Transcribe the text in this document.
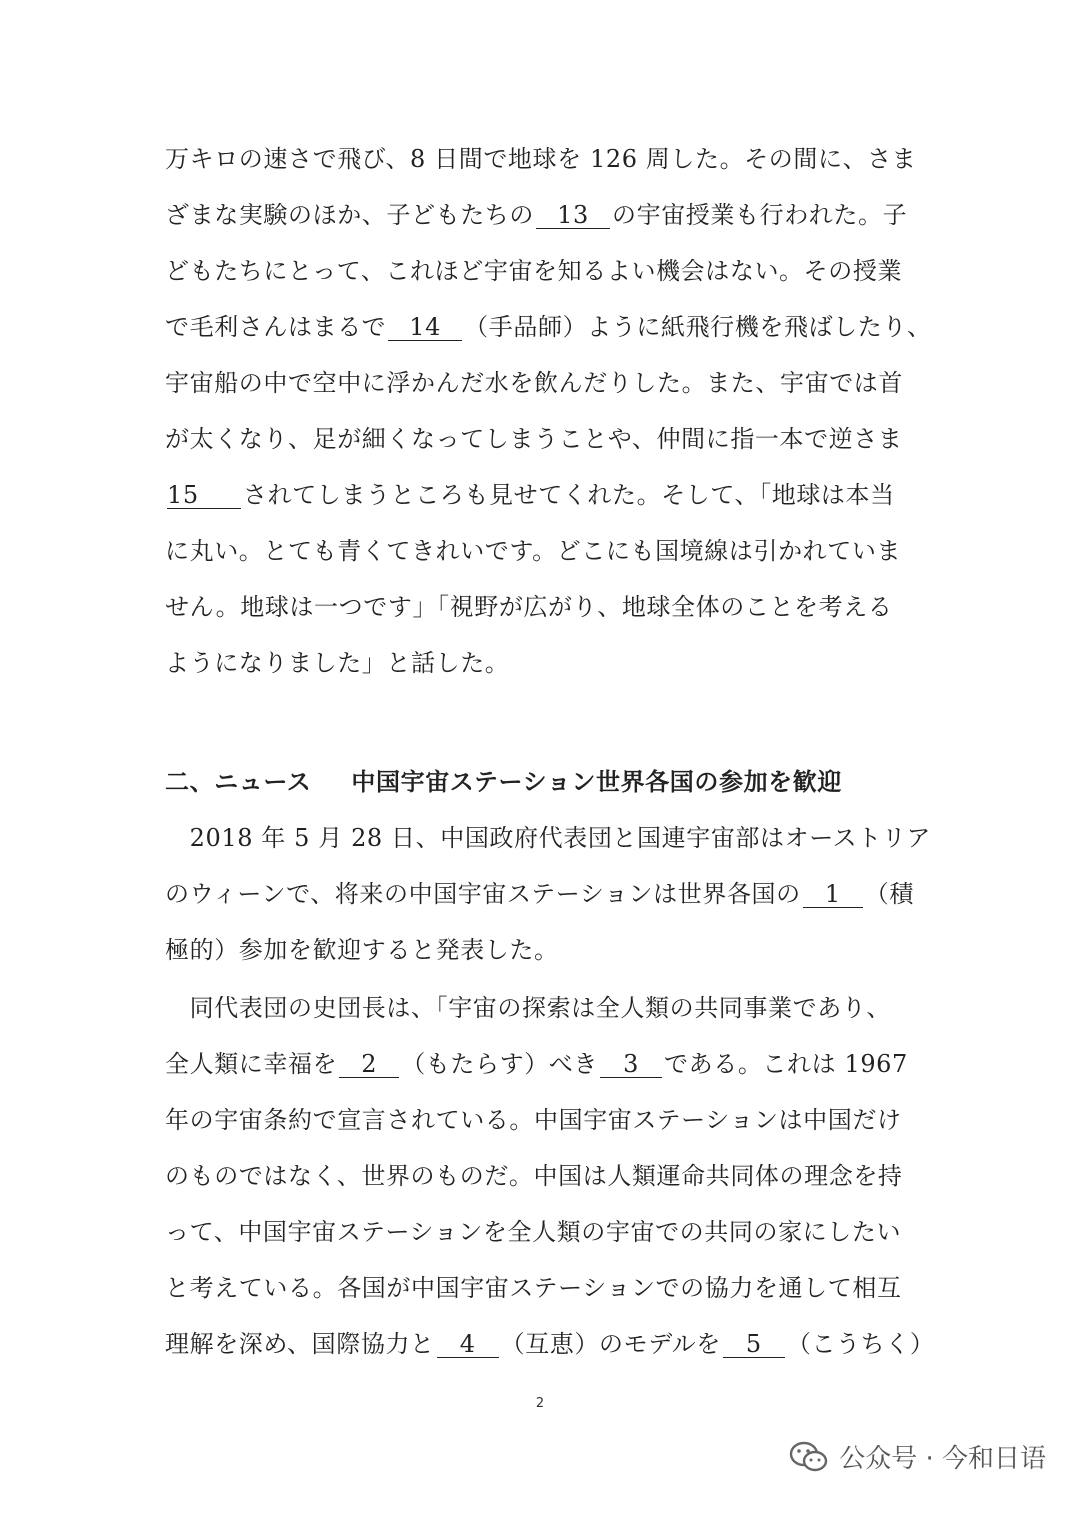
万キロの速さで飛び、8 日間で地球を 126 周した。その間に、さま
ざまな実験のほか、子どもたちの 13 の宇宙授業も行われた。子
どもたちにとって、これほど宇宙を知るよい機会はない。その授業
で毛利さんはまるで 14 （手品師）ように紙飛行機を飛ばしたり、
宇宙船の中で空中に浮かんだ水を飲んだりした。また、宇宙では首
が太くなり、足が細くなってしまうことや、仲間に指一本で逆さま
15 されてしまうところも見せてくれた。そして、「地球は本当
に丸い。とても青くてきれいです。どこにも国境線は引かれていま
せん。地球は一つです」「視野が広がり、地球全体のことを考える
ようになりました」と話した。
二、ニュース 中国宇宙ステーション世界各国の参加を歓迎
　2018 年 5 月 28 日、中国政府代表団と国連宇宙部はオーストリア
のウィーンで、将来の中国宇宙ステーションは世界各国の 1 （積
極的）参加を歓迎すると発表した。
　同代表団の史団長は、「宇宙の探索は全人類の共同事業であり、
全人類に幸福を 2 （もたらす）べき 3 である。これは 1967
年の宇宙条約で宣言されている。中国宇宙ステーションは中国だけ
のものではなく、世界のものだ。中国は人類運命共同体の理念を持
って、中国宇宙ステーションを全人類の宇宙での共同の家にしたい
と考えている。各国が中国宇宙ステーションでの協力を通して相互
理解を深め、国際協力と 4 （互恵）のモデルを 5 （こうちく）
2
公众号 · 今和日语
